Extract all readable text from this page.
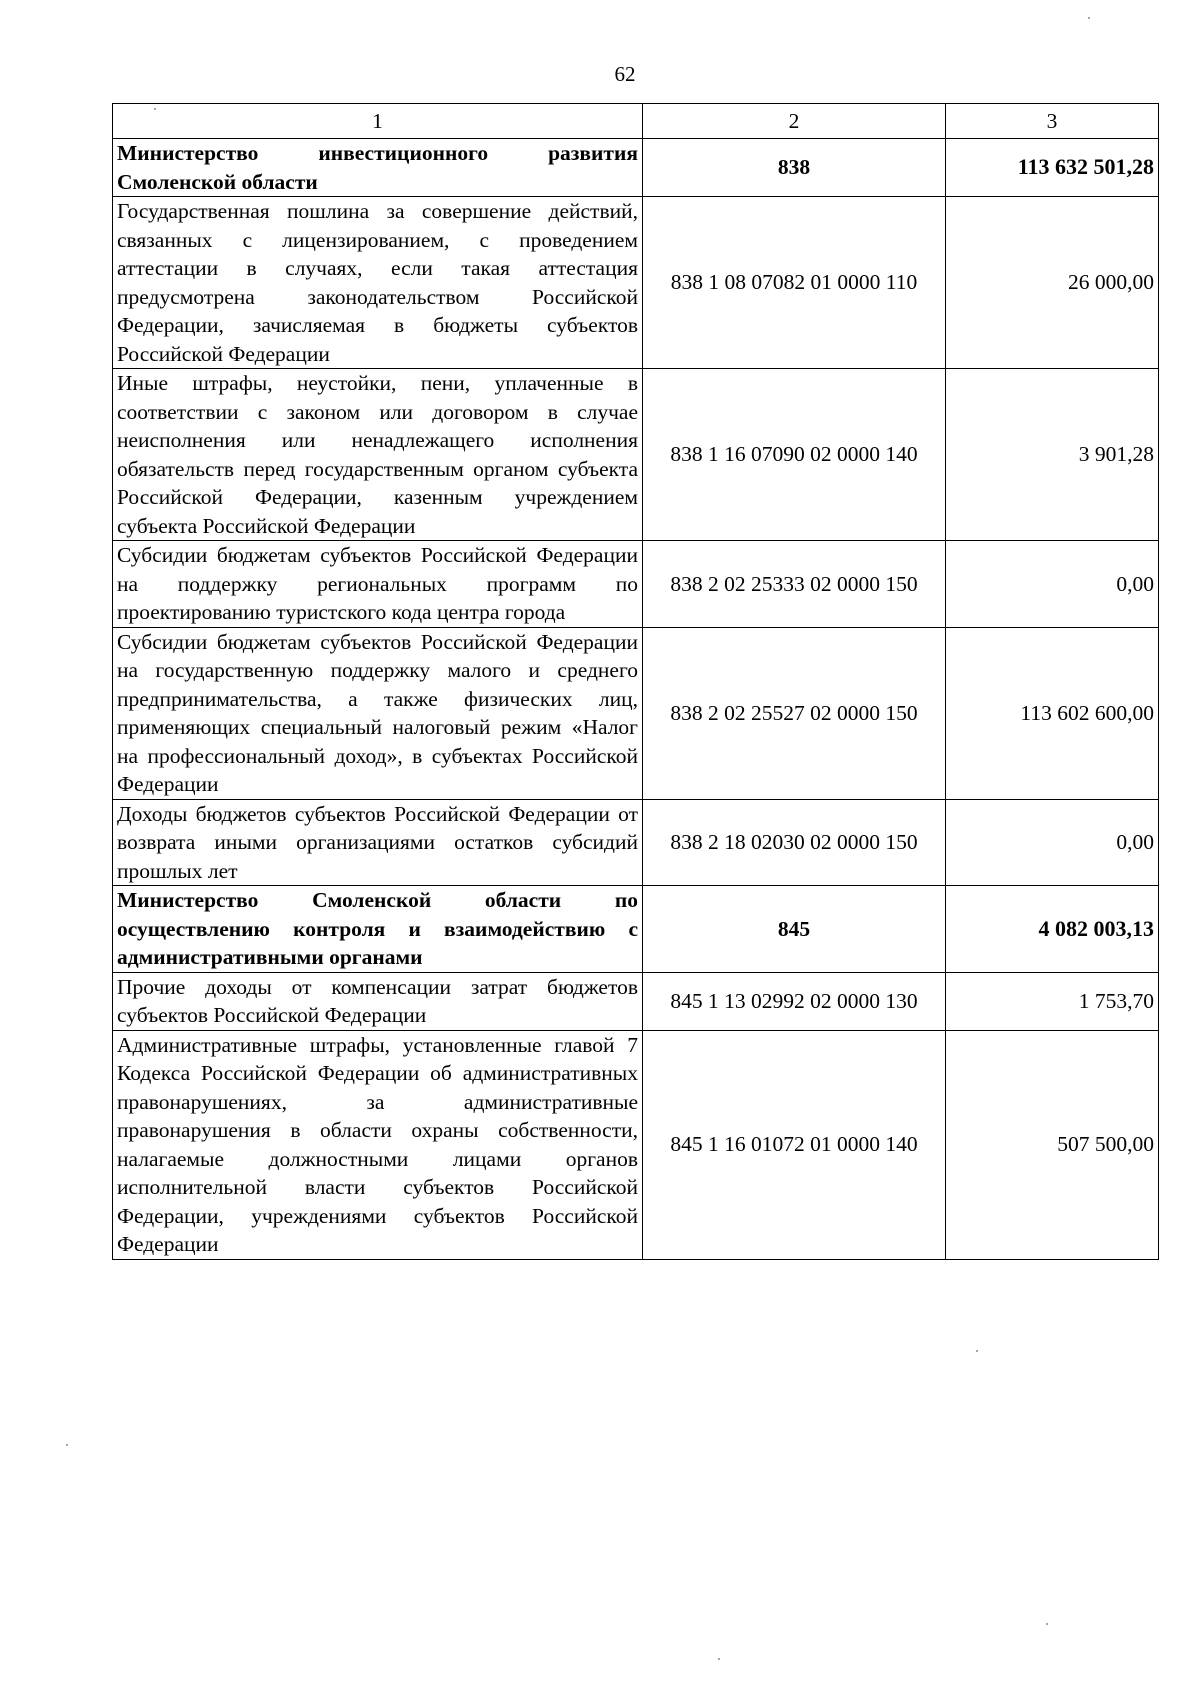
62
1	2	3
Министерство инвестиционного развития Смоленской области	838	113 632 501,28
Государственная пошлина за совершение действий, связанных с лицензированием, с проведением аттестации в случаях, если такая аттестация предусмотрена законодательством Российской Федерации, зачисляемая в бюджеты субъектов Российской Федерации	838 1 08 07082 01 0000 110	26 000,00
Иные штрафы, неустойки, пени, уплаченные в соответствии с законом или договором в случае неисполнения или ненадлежащего исполнения обязательств перед государственным органом субъекта Российской Федерации, казенным учреждением субъекта Российской Федерации	838 1 16 07090 02 0000 140	3 901,28
Субсидии бюджетам субъектов Российской Федерации на поддержку региональных программ по проектированию туристского кода центра города	838 2 02 25333 02 0000 150	0,00
Субсидии бюджетам субъектов Российской Федерации на государственную поддержку малого и среднего предпринимательства, а также физических лиц, применяющих специальный налоговый режим «Налог на профессиональный доход», в субъектах Российской Федерации	838 2 02 25527 02 0000 150	113 602 600,00
Доходы бюджетов субъектов Российской Федерации от возврата иными организациями остатков субсидий прошлых лет	838 2 18 02030 02 0000 150	0,00
Министерство Смоленской области по осуществлению контроля и взаимодействию с административными органами	845	4 082 003,13
Прочие доходы от компенсации затрат бюджетов субъектов Российской Федерации	845 1 13 02992 02 0000 130	1 753,70
Административные штрафы, установленные главой 7 Кодекса Российской Федерации об административных правонарушениях, за административные правонарушения в области охраны собственности, налагаемые должностными лицами органов исполнительной власти субъектов Российской Федерации, учреждениями субъектов Российской Федерации	845 1 16 01072 01 0000 140	507 500,00
